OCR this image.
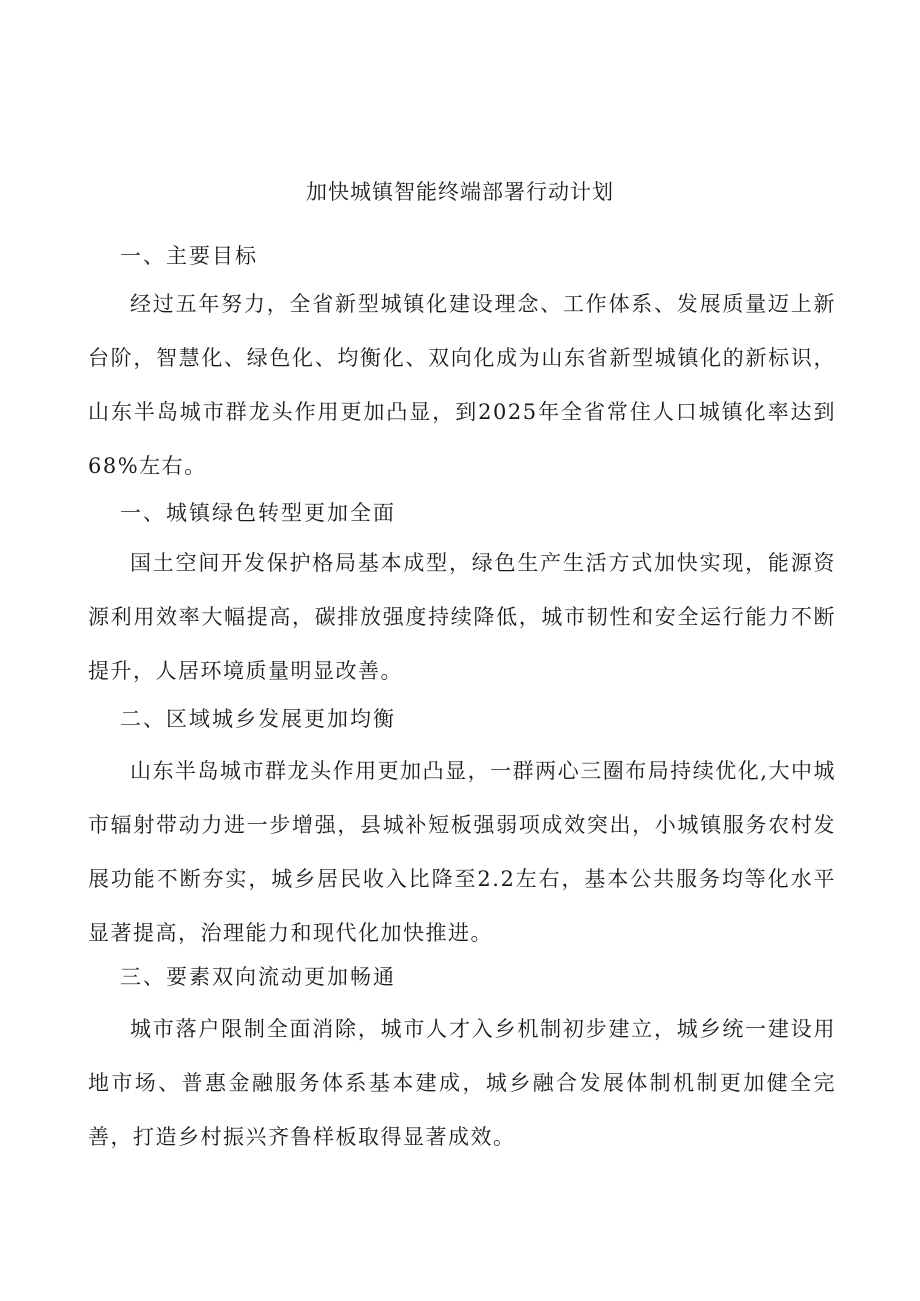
加快城镇智能终端部署行动计划
一、主要目标

经过五年努力，全省新型城镇化建设理念、工作体系、发展质量迈上新台阶，智慧化、绿色化、均衡化、双向化成为山东省新型城镇化的新标识，山东半岛城市群龙头作用更加凸显，到2025年全省常住人口城镇化率达到68%左右。

一、城镇绿色转型更加全面

国土空间开发保护格局基本成型，绿色生产生活方式加快实现，能源资源利用效率大幅提高，碳排放强度持续降低，城市韧性和安全运行能力不断提升，人居环境质量明显改善。

二、区域城乡发展更加均衡

山东半岛城市群龙头作用更加凸显，一群两心三圈布局持续优化,大中城市辐射带动力进一步增强，县城补短板强弱项成效突出，小城镇服务农村发展功能不断夯实，城乡居民收入比降至2.2左右，基本公共服务均等化水平显著提高，治理能力和现代化加快推进。

三、要素双向流动更加畅通

城市落户限制全面消除，城市人才入乡机制初步建立，城乡统一建设用地市场、普惠金融服务体系基本建成，城乡融合发展体制机制更加健全完善，打造乡村振兴齐鲁样板取得显著成效。
